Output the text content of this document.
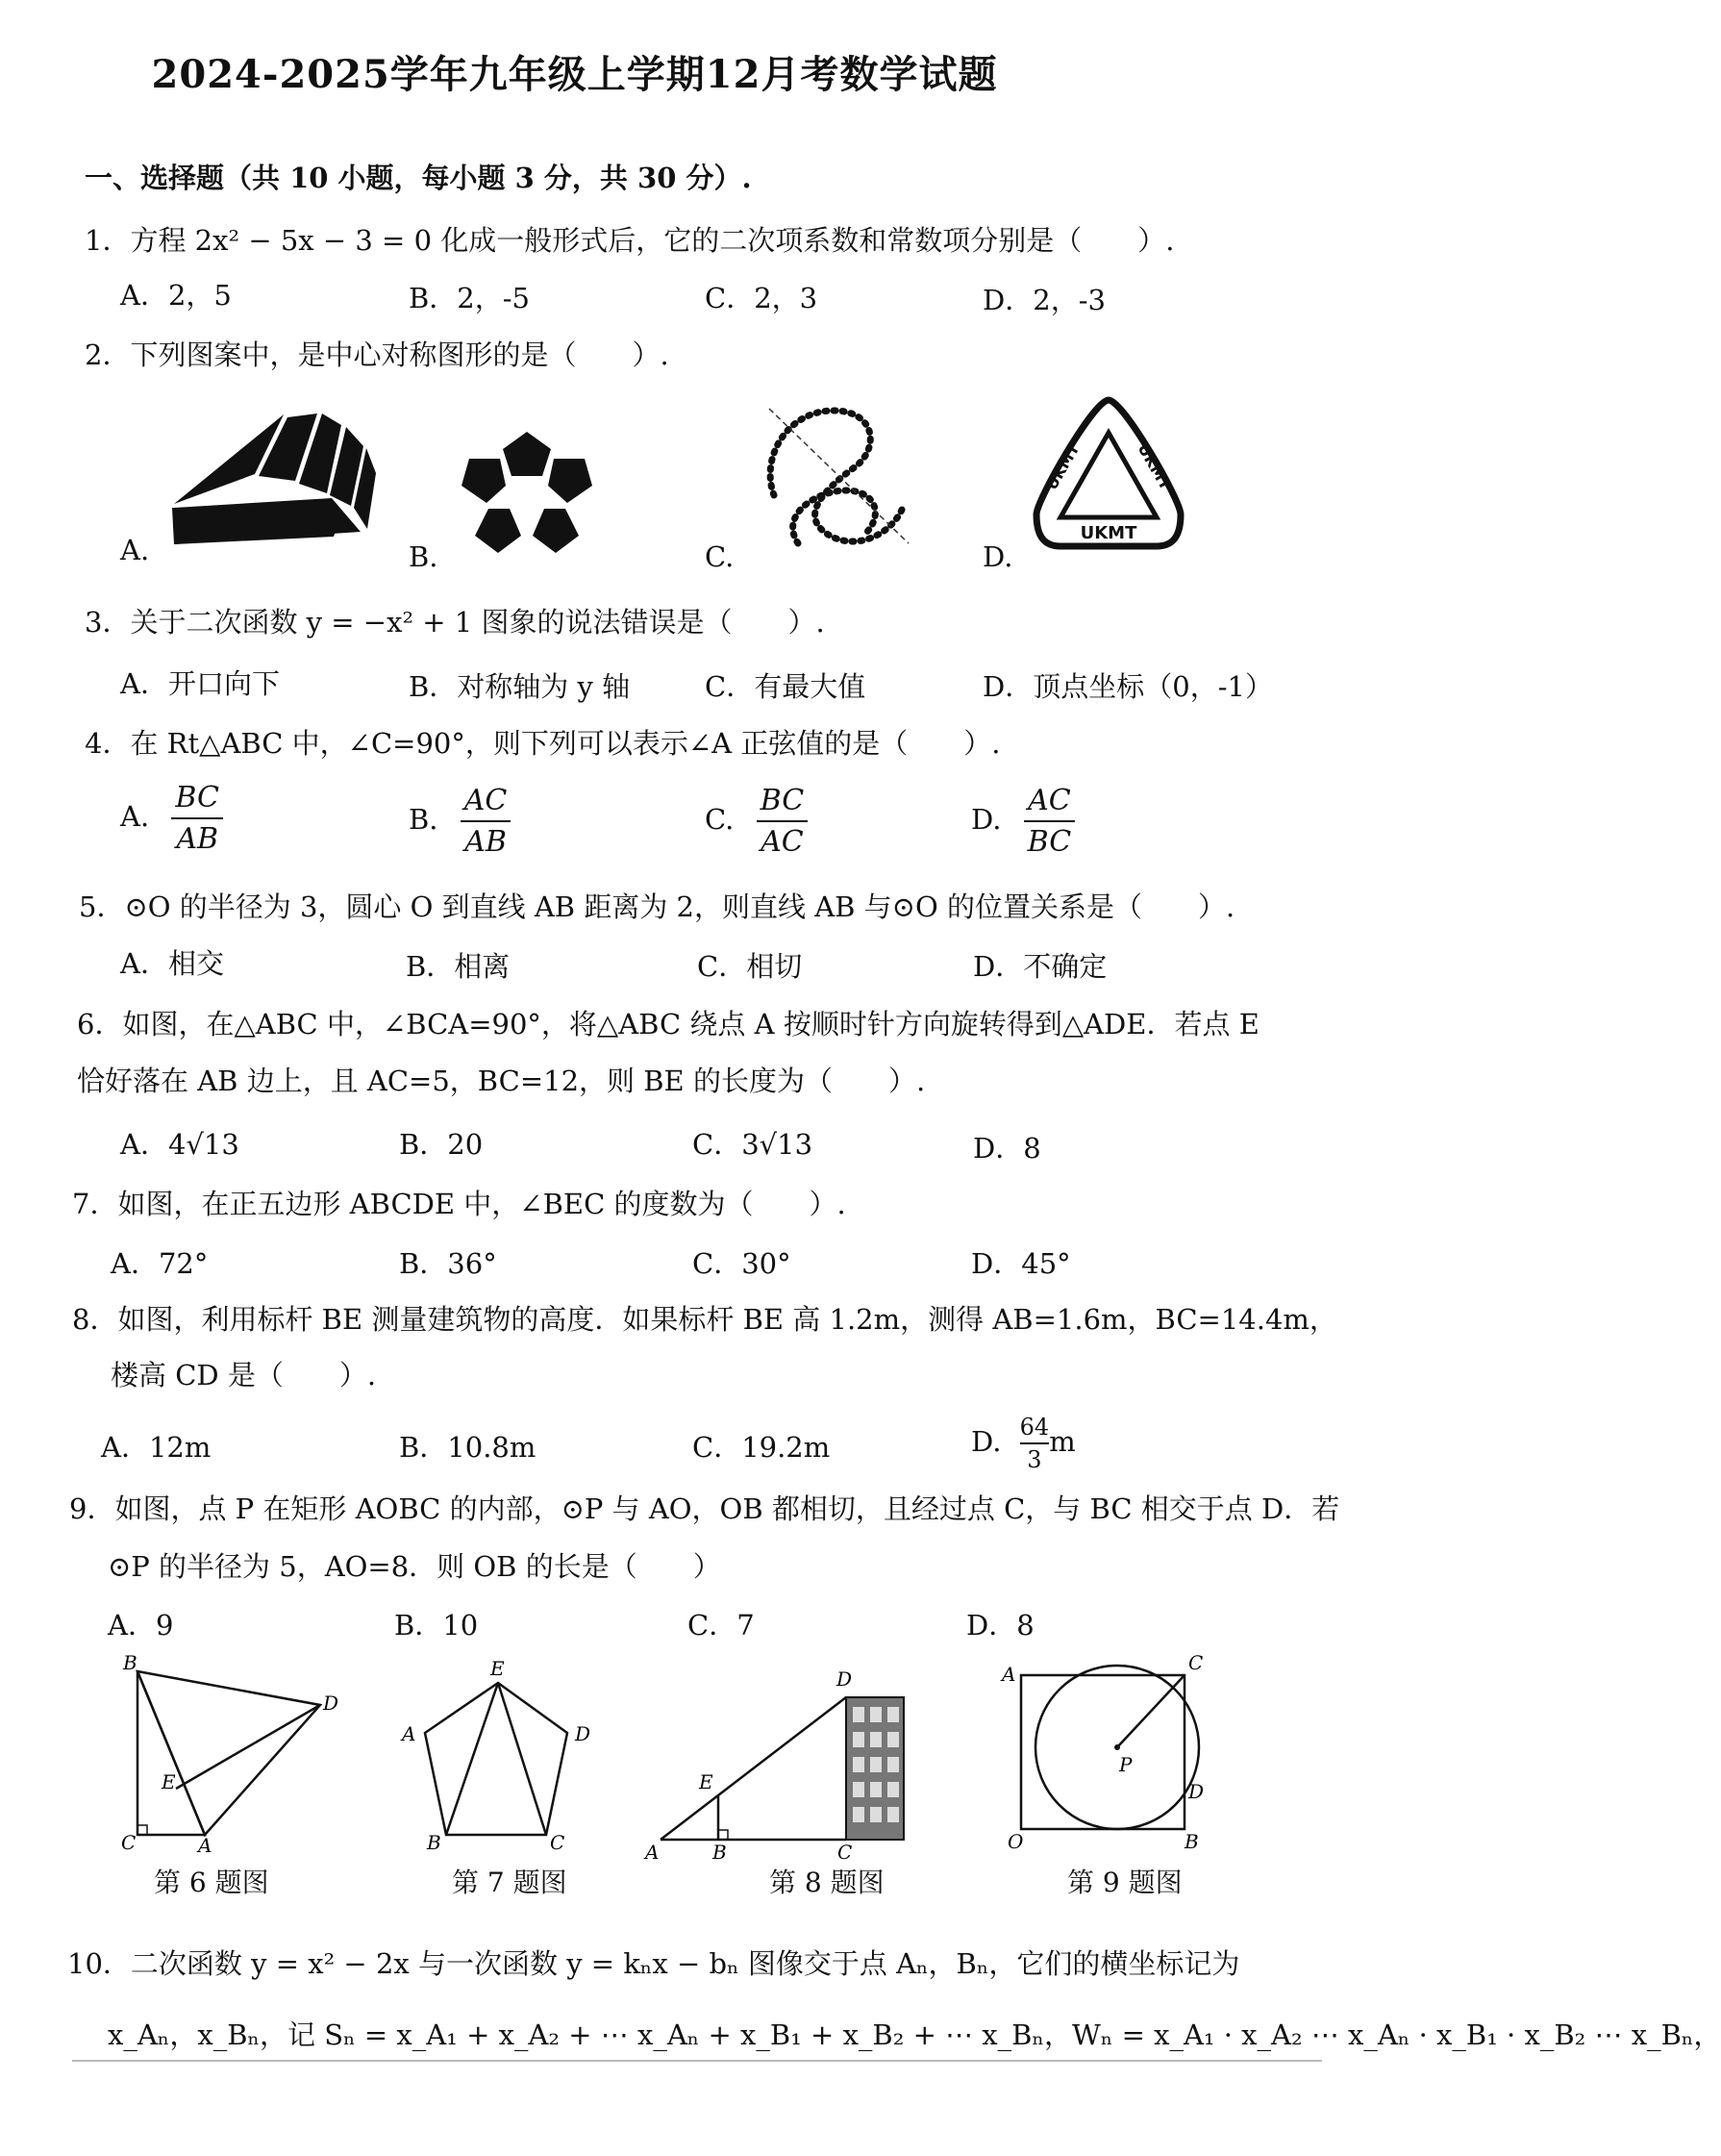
2024-2025学年九年级上学期12月考数学试题
一、选择题（共 10 小题，每小题 3 分，共 30 分）.
1．方程 2x² − 5x − 3 = 0 化成一般形式后，它的二次项系数和常数项分别是（　　）.
A．2，5	B．2，-5	C．2，3	D．2，-3
2．下列图案中，是中心对称图形的是（　　）.
A.	B.	C.	D.
UKMT
UKMT	UKMT
3．关于二次函数 y = −x² + 1 图象的说法错误是（　　）.
A．开口向下	B．对称轴为 y 轴	C．有最大值	D．顶点坐标（0，-1）
4．在 Rt△ABC 中，∠C=90°，则下列可以表示∠A 正弦值的是（　　）.
A. $\frac{BC}{AB}$	B. $\frac{AC}{AB}$	C. $\frac{BC}{AC}$	D. $\frac{AC}{BC}$
5．⊙O 的半径为 3，圆心 O 到直线 AB 距离为 2，则直线 AB 与⊙O 的位置关系是（　　）.
A．相交	B．相离	C．相切	D．不确定
6．如图，在△ABC 中，∠BCA=90°，将△ABC 绕点 A 按顺时针方向旋转得到△ADE．若点 E
恰好落在 AB 边上，且 AC=5，BC=12，则 BE 的长度为（　　）.
A．4√13	B．20	C．3√13	D．8
7．如图，在正五边形 ABCDE 中，∠BEC 的度数为（　　）.
A．72°	B．36°	C．30°	D．45°
8．如图，利用标杆 BE 测量建筑物的高度．如果标杆 BE 高 1.2m，测得 AB=1.6m，BC=14.4m，
楼高 CD 是（　　）.
A．12m	B．10.8m	C．19.2m	D. $\frac{64}{3}$ m
9．如图，点 P 在矩形 AOBC 的内部，⊙P 与 AO，OB 都相切，且经过点 C，与 BC 相交于点 D．若
⊙P 的半径为 5，AO=8．则 OB 的长是（　　）
A．9	B．10	C．7	D．8
B
D
E
C	A
第 6 题图
E
A	D
B	C
第 7 题图
D
E
A	B	C
第 8 题图
A	C
P
D
O	B
第 9 题图
10．二次函数 y = x² − 2x 与一次函数 y = kₙx − bₙ 图像交于点 Aₙ，Bₙ，它们的横坐标记为
x_Aₙ，x_Bₙ，记 Sₙ = x_A₁ + x_A₂ + ⋯ x_Aₙ + x_B₁ + x_B₂ + ⋯ x_Bₙ，Wₙ = x_A₁ · x_A₂ ⋯ x_Aₙ · x_B₁ · x_B₂ ⋯ x_Bₙ，
